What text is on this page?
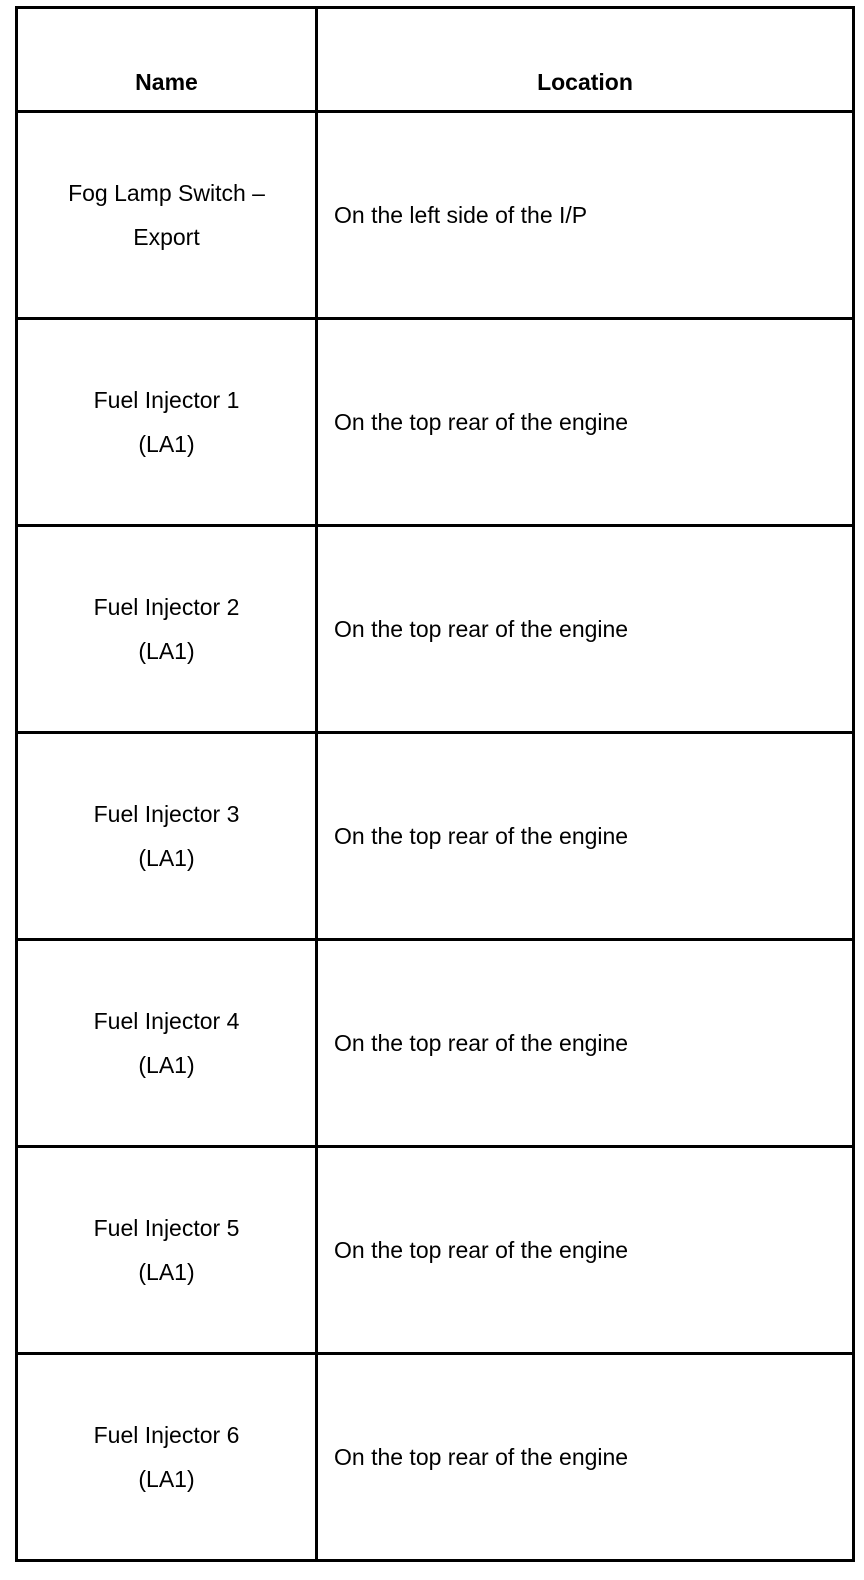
Name	Location
Fog Lamp Switch –
Export
On the left side of the I/P
Fuel Injector 1
(LA1)
On the top rear of the engine
Fuel Injector 2
(LA1)
On the top rear of the engine
Fuel Injector 3
(LA1)
On the top rear of the engine
Fuel Injector 4
(LA1)
On the top rear of the engine
Fuel Injector 5
(LA1)
On the top rear of the engine
Fuel Injector 6
(LA1)
On the top rear of the engine
